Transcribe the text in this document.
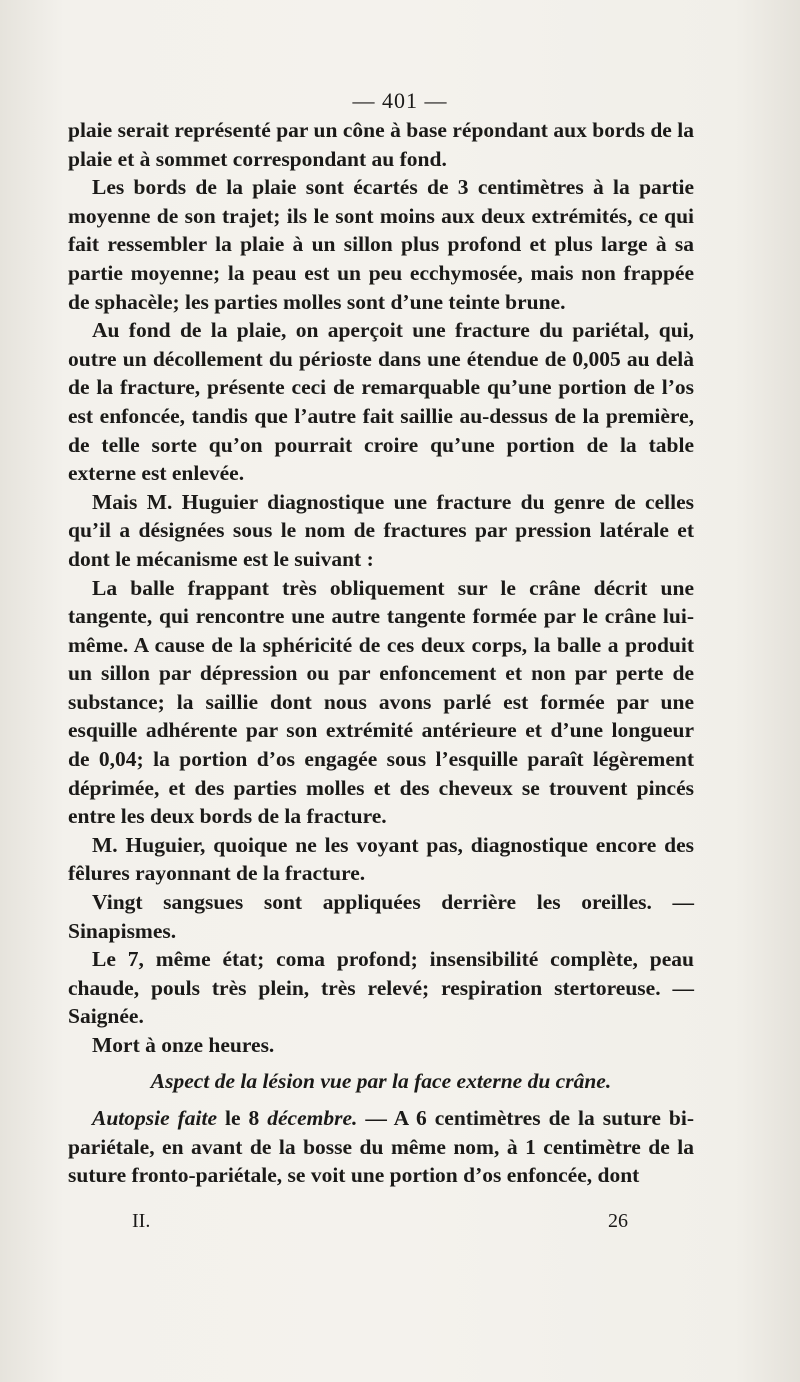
— 401 —

plaie serait représenté par un cône à base répondant aux bords de la plaie et à sommet correspondant au fond.

Les bords de la plaie sont écartés de 3 centimètres à la partie moyenne de son trajet; ils le sont moins aux deux extrémités, ce qui fait ressembler la plaie à un sillon plus profond et plus large à sa partie moyenne; la peau est un peu ecchymosée, mais non frappée de sphacèle; les parties molles sont d’une teinte brune.

Au fond de la plaie, on aperçoit une fracture du pariétal, qui, outre un décollement du périoste dans une étendue de 0,005 au delà de la fracture, présente ceci de remarquable qu’une portion de l’os est enfoncée, tandis que l’autre fait saillie au-dessus de la première, de telle sorte qu’on pourrait croire qu’une portion de la table externe est enlevée.

Mais M. Huguier diagnostique une fracture du genre de celles qu’il a désignées sous le nom de fractures par pression latérale et dont le mécanisme est le suivant :

La balle frappant très obliquement sur le crâne décrit une tangente, qui rencontre une autre tangente formée par le crâne lui-même. A cause de la sphéricité de ces deux corps, la balle a produit un sillon par dépression ou par enfoncement et non par perte de substance; la saillie dont nous avons parlé est formée par une esquille adhérente par son extrémité antérieure et d’une longueur de 0,04; la portion d’os engagée sous l’esquille paraît légèrement déprimée, et des parties molles et des cheveux se trouvent pincés entre les deux bords de la fracture.

M. Huguier, quoique ne les voyant pas, diagnostique encore des fêlures rayonnant de la fracture.

Vingt sangsues sont appliquées derrière les oreilles. — Sinapismes.

Le 7, même état; coma profond; insensibilité complète, peau chaude, pouls très plein, très relevé; respiration stertoreuse. — Saignée.

Mort à onze heures.

Aspect de la lésion vue par la face externe du crâne.

Autopsie faite le 8 décembre. — A 6 centimètres de la suture bi-pariétale, en avant de la bosse du même nom, à 1 centimètre de la suture fronto-pariétale, se voit une portion d’os enfoncée, dont

II.	26
